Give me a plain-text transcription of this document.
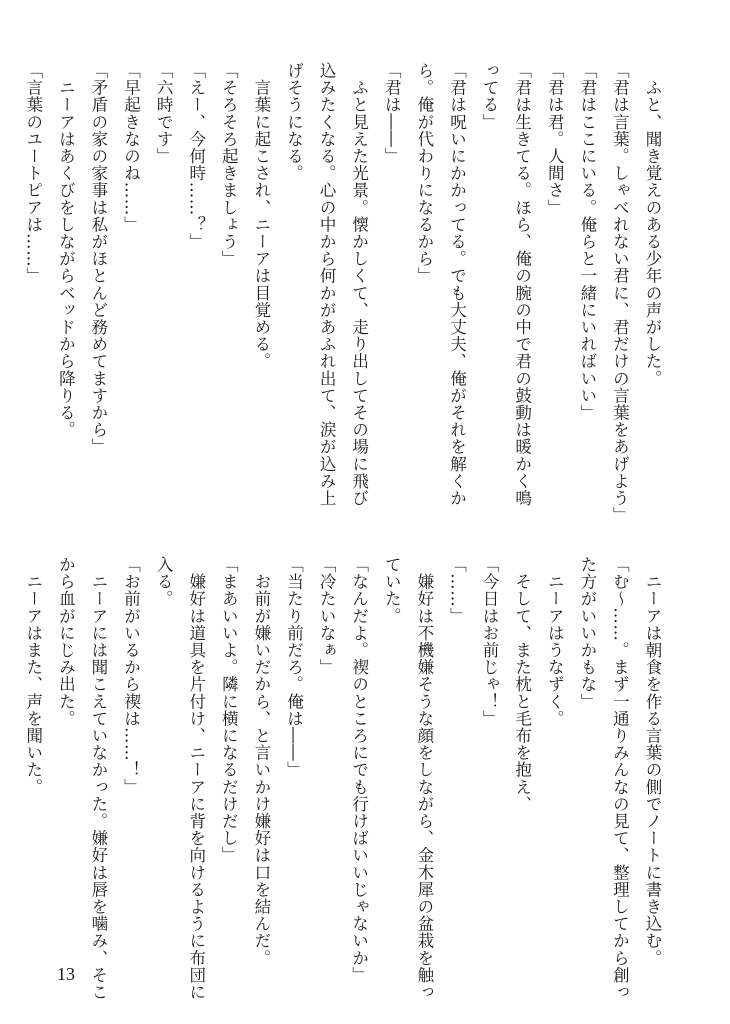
　ふと、聞き覚えのある少年の声がした。
「君は言葉。しゃべれない君に、君だけの言葉をあげよう」
「君はここにいる。俺らと一緒にいればいい」
「君は君。人間さ」
「君は生きてる。ほら、俺の腕の中で君の鼓動は暖かく鳴
ってる」
「君は呪いにかかってる。でも大丈夫、俺がそれを解くか
ら。俺が代わりになるから」
「君は――」
　ふと見えた光景。懐かしくて、走り出してその場に飛び
込みたくなる。心の中から何かがあふれ出て、涙が込み上
げそうになる。
　言葉に起こされ、ニーアは目覚める。
「そろそろ起きましょう」
「えー、今何時……？」
「六時です」
「早起きなのね……」
「矛盾の家の家事は私がほとんど務めてますから」
　ニーアはあくびをしながらベッドから降りる。
「言葉のユートピアは……」
　ニーアは朝食を作る言葉の側でノートに書き込む。
「む～……。まず一通りみんなの見て、整理してから創っ
た方がいいかもな」
　ニーアはうなずく。
　そして、また枕と毛布を抱え、
「今日はお前じゃ！」
「……」
　嫌好は不機嫌そうな顔をしながら、金木犀の盆栽を触っ
ていた。
「なんだよ。禊のところにでも行けばいいじゃないか」
「冷たいなぁ」
「当たり前だろ。俺は――」
　お前が嫌いだから、と言いかけ嫌好は口を結んだ。
「まあいいよ。隣に横になるだけだし」
　嫌好は道具を片付け、ニーアに背を向けるように布団に
入る。
「お前がいるから禊は……！」
　ニーアには聞こえていなかった。嫌好は唇を噛み、そこ
から血がにじみ出た。
　ニーアはまた、声を聞いた。
13
